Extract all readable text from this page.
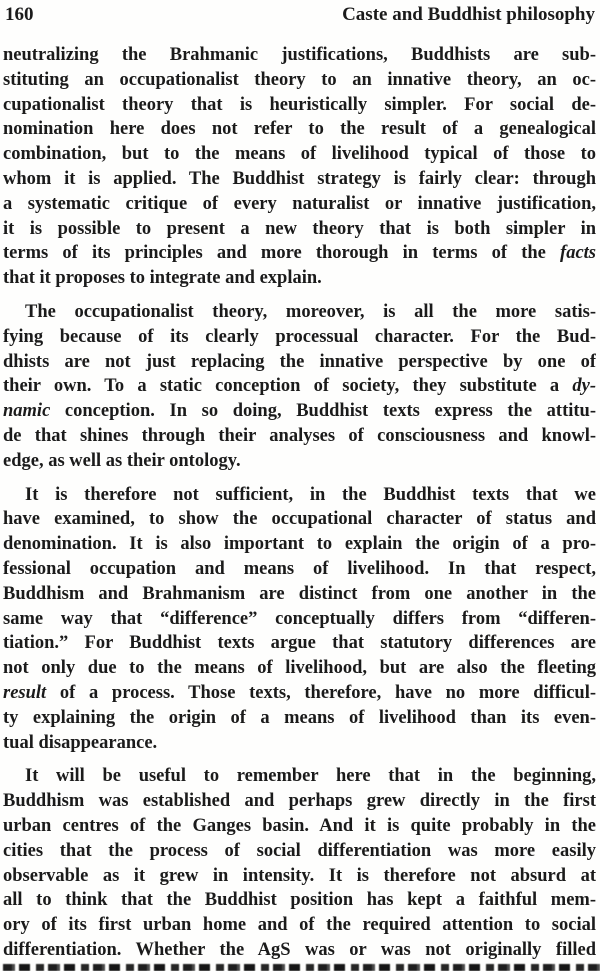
160	Caste and Buddhist philosophy
neutralizing the Brahmanic justifications, Buddhists are sub-
stituting an occupationalist theory to an innative theory, an oc-
cupationalist theory that is heuristically simpler. For social de-
nomination here does not refer to the result of a genealogical
combination, but to the means of livelihood typical of those to
whom it is applied. The Buddhist strategy is fairly clear: through
a systematic critique of every naturalist or innative justification,
it is possible to present a new theory that is both simpler in
terms of its principles and more thorough in terms of the facts
that it proposes to integrate and explain.
The occupationalist theory, moreover, is all the more satis-
fying because of its clearly processual character. For the Bud-
dhists are not just replacing the innative perspective by one of
their own. To a static conception of society, they substitute a dy-
namic conception. In so doing, Buddhist texts express the attitu-
de that shines through their analyses of consciousness and knowl-
edge, as well as their ontology.
It is therefore not sufficient, in the Buddhist texts that we
have examined, to show the occupational character of status and
denomination. It is also important to explain the origin of a pro-
fessional occupation and means of livelihood. In that respect,
Buddhism and Brahmanism are distinct from one another in the
same way that “difference” conceptually differs from “differen-
tiation.” For Buddhist texts argue that statutory differences are
not only due to the means of livelihood, but are also the fleeting
result of a process. Those texts, therefore, have no more difficul-
ty explaining the origin of a means of livelihood than its even-
tual disappearance.
It will be useful to remember here that in the beginning,
Buddhism was established and perhaps grew directly in the first
urban centres of the Ganges basin. And it is quite probably in the
cities that the process of social differentiation was more easily
observable as it grew in intensity. It is therefore not absurd at
all to think that the Buddhist position has kept a faithful mem-
ory of its first urban home and of the required attention to social
differentiation. Whether the AgS was or was not originally filled
